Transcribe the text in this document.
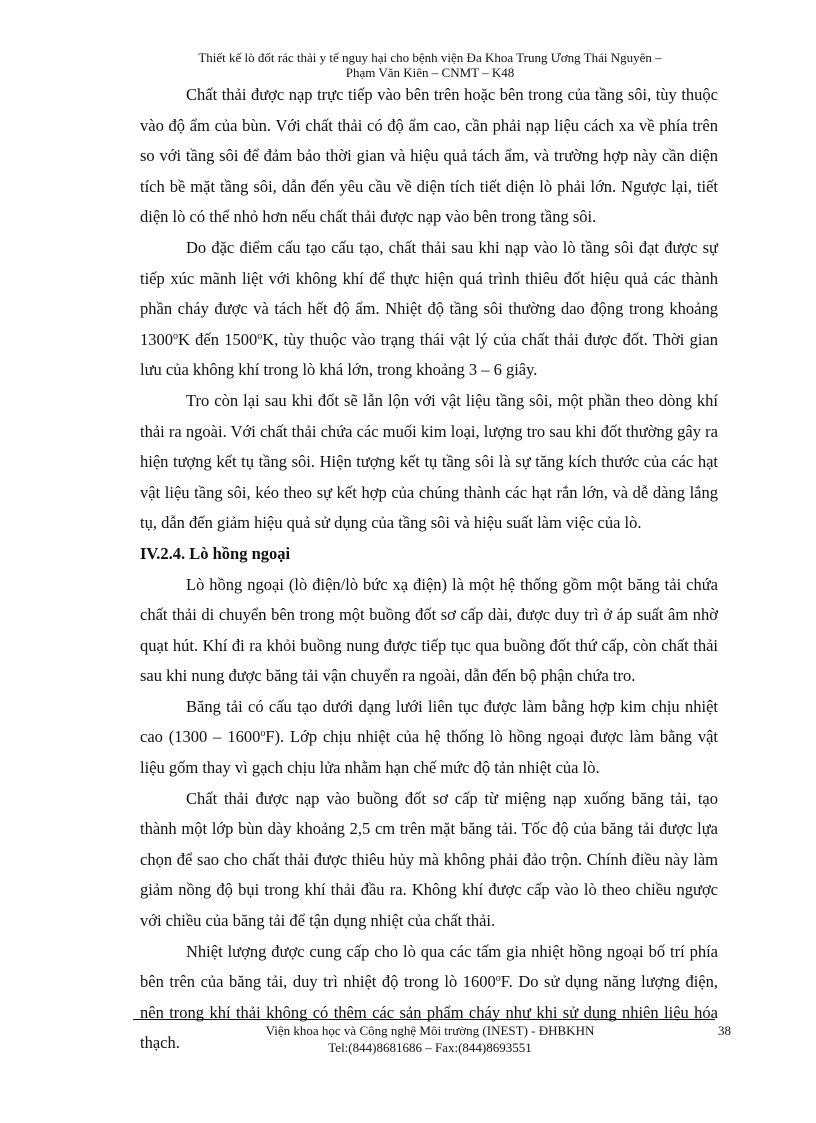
Thiết kế lò đốt rác thải y tế nguy hại cho bệnh viện Đa Khoa Trung Ương Thái Nguyên –
Phạm Văn Kiên – CNMT – K48

Chất thải được nạp trực tiếp vào bên trên hoặc bên trong của tầng sôi, tùy thuộc vào độ ẩm của bùn. Với chất thải có độ ẩm cao, cần phải nạp liệu cách xa về phía trên so với tầng sôi để đảm bảo thời gian và hiệu quả tách ẩm, và trường hợp này cần diện tích bề mặt tầng sôi, dẫn đến yêu cầu về diện tích tiết diện lò phải lớn. Ngược lại, tiết diện lò có thể nhỏ hơn nếu chất thải được nạp vào bên trong tầng sôi.

Do đặc điểm cấu tạo cấu tạo, chất thải sau khi nạp vào lò tầng sôi đạt được sự tiếp xúc mãnh liệt với không khí để thực hiện quá trình thiêu đốt hiệu quả các thành phần cháy được và tách hết độ ẩm. Nhiệt độ tầng sôi thường dao động trong khoảng 1300$^o$K đến 1500$^o$K, tùy thuộc vào trạng thái vật lý của chất thải được đốt. Thời gian lưu của không khí trong lò khá lớn, trong khoảng 3 – 6 giây.

Tro còn lại sau khi đốt sẽ lẫn lộn với vật liệu tầng sôi, một phần theo dòng khí thải ra ngoài. Với chất thải chứa các muối kim loại, lượng tro sau khi đốt thường gây ra hiện tượng kết tụ tầng sôi. Hiện tượng kết tụ tầng sôi là sự tăng kích thước của các hạt vật liệu tầng sôi, kéo theo sự kết hợp của chúng thành các hạt rắn lớn, và dễ dàng lắng tụ, dẫn đến giảm hiệu quả sử dụng của tầng sôi và hiệu suất làm việc của lò.

IV.2.4. Lò hồng ngoại

Lò hồng ngoại (lò điện/lò bức xạ điện) là một hệ thống gồm một băng tải chứa chất thải di chuyển bên trong một buồng đốt sơ cấp dài, được duy trì ở áp suất âm nhờ quạt hút. Khí đi ra khỏi buồng nung được tiếp tục qua buồng đốt thứ cấp, còn chất thải sau khi nung được băng tải vận chuyển ra ngoài, dẫn đến bộ phận chứa tro.

Băng tải có cấu tạo dưới dạng lưới liên tục được làm bằng hợp kim chịu nhiệt cao (1300 – 1600$^o$F). Lớp chịu nhiệt của hệ thống lò hồng ngoại được làm bằng vật liệu gốm thay vì gạch chịu lửa nhằm hạn chế mức độ tản nhiệt của lò.

Chất thải được nạp vào buồng đốt sơ cấp từ miệng nạp xuống băng tải, tạo thành một lớp bùn dày khoảng 2,5 cm trên mặt băng tải. Tốc độ của băng tải được lựa chọn để sao cho chất thải được thiêu hủy mà không phải đảo trộn. Chính điều này làm giảm nồng độ bụi trong khí thải đầu ra. Không khí được cấp vào lò theo chiều ngược với chiều của băng tải để tận dụng nhiệt của chất thải.

Nhiệt lượng được cung cấp cho lò qua các tấm gia nhiệt hồng ngoại bố trí phía bên trên của băng tải, duy trì nhiệt độ trong lò 1600$^o$F. Do sử dụng năng lượng điện, nên trong khí thải không có thêm các sản phẩm cháy như khi sử dụng nhiên liệu hóa thạch.

Viện khoa học và Công nghệ Môi trường (INEST) - ĐHBKHN
Tel:(844)8681686 – Fax:(844)8693551
38
